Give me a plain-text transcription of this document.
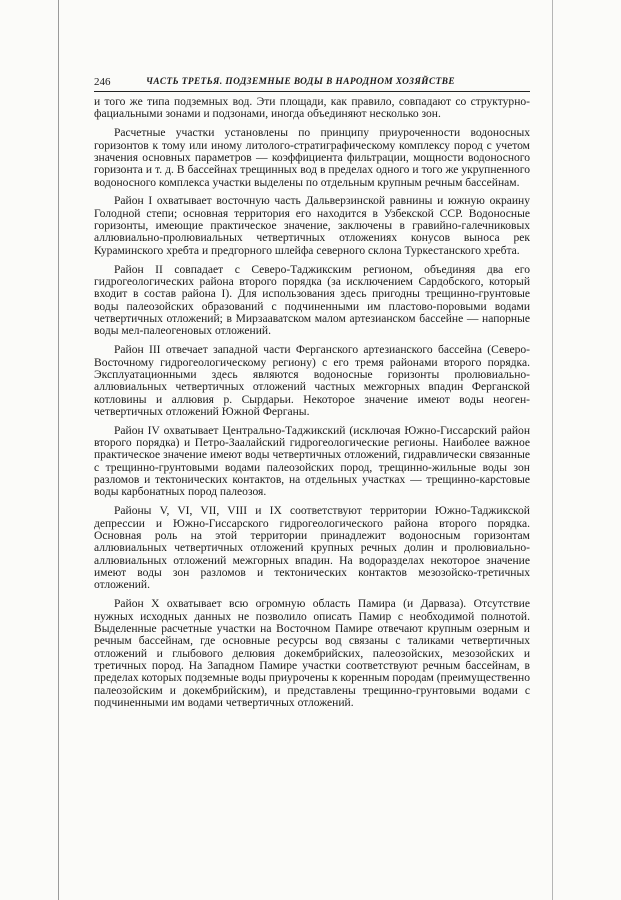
246	ЧАСТЬ ТРЕТЬЯ. ПОДЗЕМНЫЕ ВОДЫ В НАРОДНОМ ХОЗЯЙСТВЕ

и того же типа подземных вод. Эти площади, как правило, совпадают со структурно-фациальными зонами и подзонами, иногда объединяют несколько зон.

Расчетные участки установлены по принципу приуроченности водоносных горизонтов к тому или иному литолого-стратиграфическому комплексу пород с учетом значения основных параметров — коэффициента фильтрации, мощности водоносного горизонта и т. д. В бассейнах трещинных вод в пределах одного и того же укрупненного водоносного комплекса участки выделены по отдельным крупным речным бассейнам.

Район I охватывает восточную часть Дальверзинской равнины и южную окраину Голодной степи; основная территория его находится в Узбекской ССР. Водоносные горизонты, имеющие практическое значение, заключены в гравийно-галечниковых аллювиально-пролювиальных четвертичных отложениях конусов выноса рек Кураминского хребта и предгорного шлейфа северного склона Туркестанского хребта.

Район II совпадает с Северо-Таджикским регионом, объединяя два его гидрогеологических района второго порядка (за исключением Сардобского, который входит в состав района I). Для использования здесь пригодны трещинно-грунтовые воды палеозойских образований с подчиненными им пластово-поровыми водами четвертичных отложений; в Мирзааватском малом артезианском бассейне — напорные воды мел-палеогеновых отложений.

Район III отвечает западной части Ферганского артезианского бассейна (Северо-Восточному гидрогеологическому региону) с его тремя районами второго порядка. Эксплуатационными здесь являются водоносные горизонты пролювиально-аллювиальных четвертичных отложений частных межгорных впадин Ферганской котловины и аллювия р. Сырдарьи. Некоторое значение имеют воды неоген-четвертичных отложений Южной Ферганы.

Район IV охватывает Центрально-Таджикский (исключая Южно-Гиссарский район второго порядка) и Петро-Заалайский гидрогеологические регионы. Наиболее важное практическое значение имеют воды четвертичных отложений, гидравлически связанные с трещинно-грунтовыми водами палеозойских пород, трещинно-жильные воды зон разломов и тектонических контактов, на отдельных участках — трещинно-карстовые воды карбонатных пород палеозоя.

Районы V, VI, VII, VIII и IX соответствуют территории Южно-Таджикской депрессии и Южно-Гиссарского гидрогеологического района второго порядка. Основная роль на этой территории принадлежит водоносным горизонтам аллювиальных четвертичных отложений крупных речных долин и пролювиально-аллювиальных отложений межгорных впадин. На водоразделах некоторое значение имеют воды зон разломов и тектонических контактов мезозойско-третичных отложений.

Район X охватывает всю огромную область Памира (и Дарваза). Отсутствие нужных исходных данных не позволило описать Памир с необходимой полнотой. Выделенные расчетные участки на Восточном Памире отвечают крупным озерным и речным бассейнам, где основные ресурсы вод связаны с таликами четвертичных отложений и глыбового делювия докембрийских, палеозойских, мезозойских и третичных пород. На Западном Памире участки соответствуют речным бассейнам, в пределах которых подземные воды приурочены к коренным породам (преимущественно палеозойским и докембрийским), и представлены трещинно-грунтовыми водами с подчиненными им водами четвертичных отложений.
